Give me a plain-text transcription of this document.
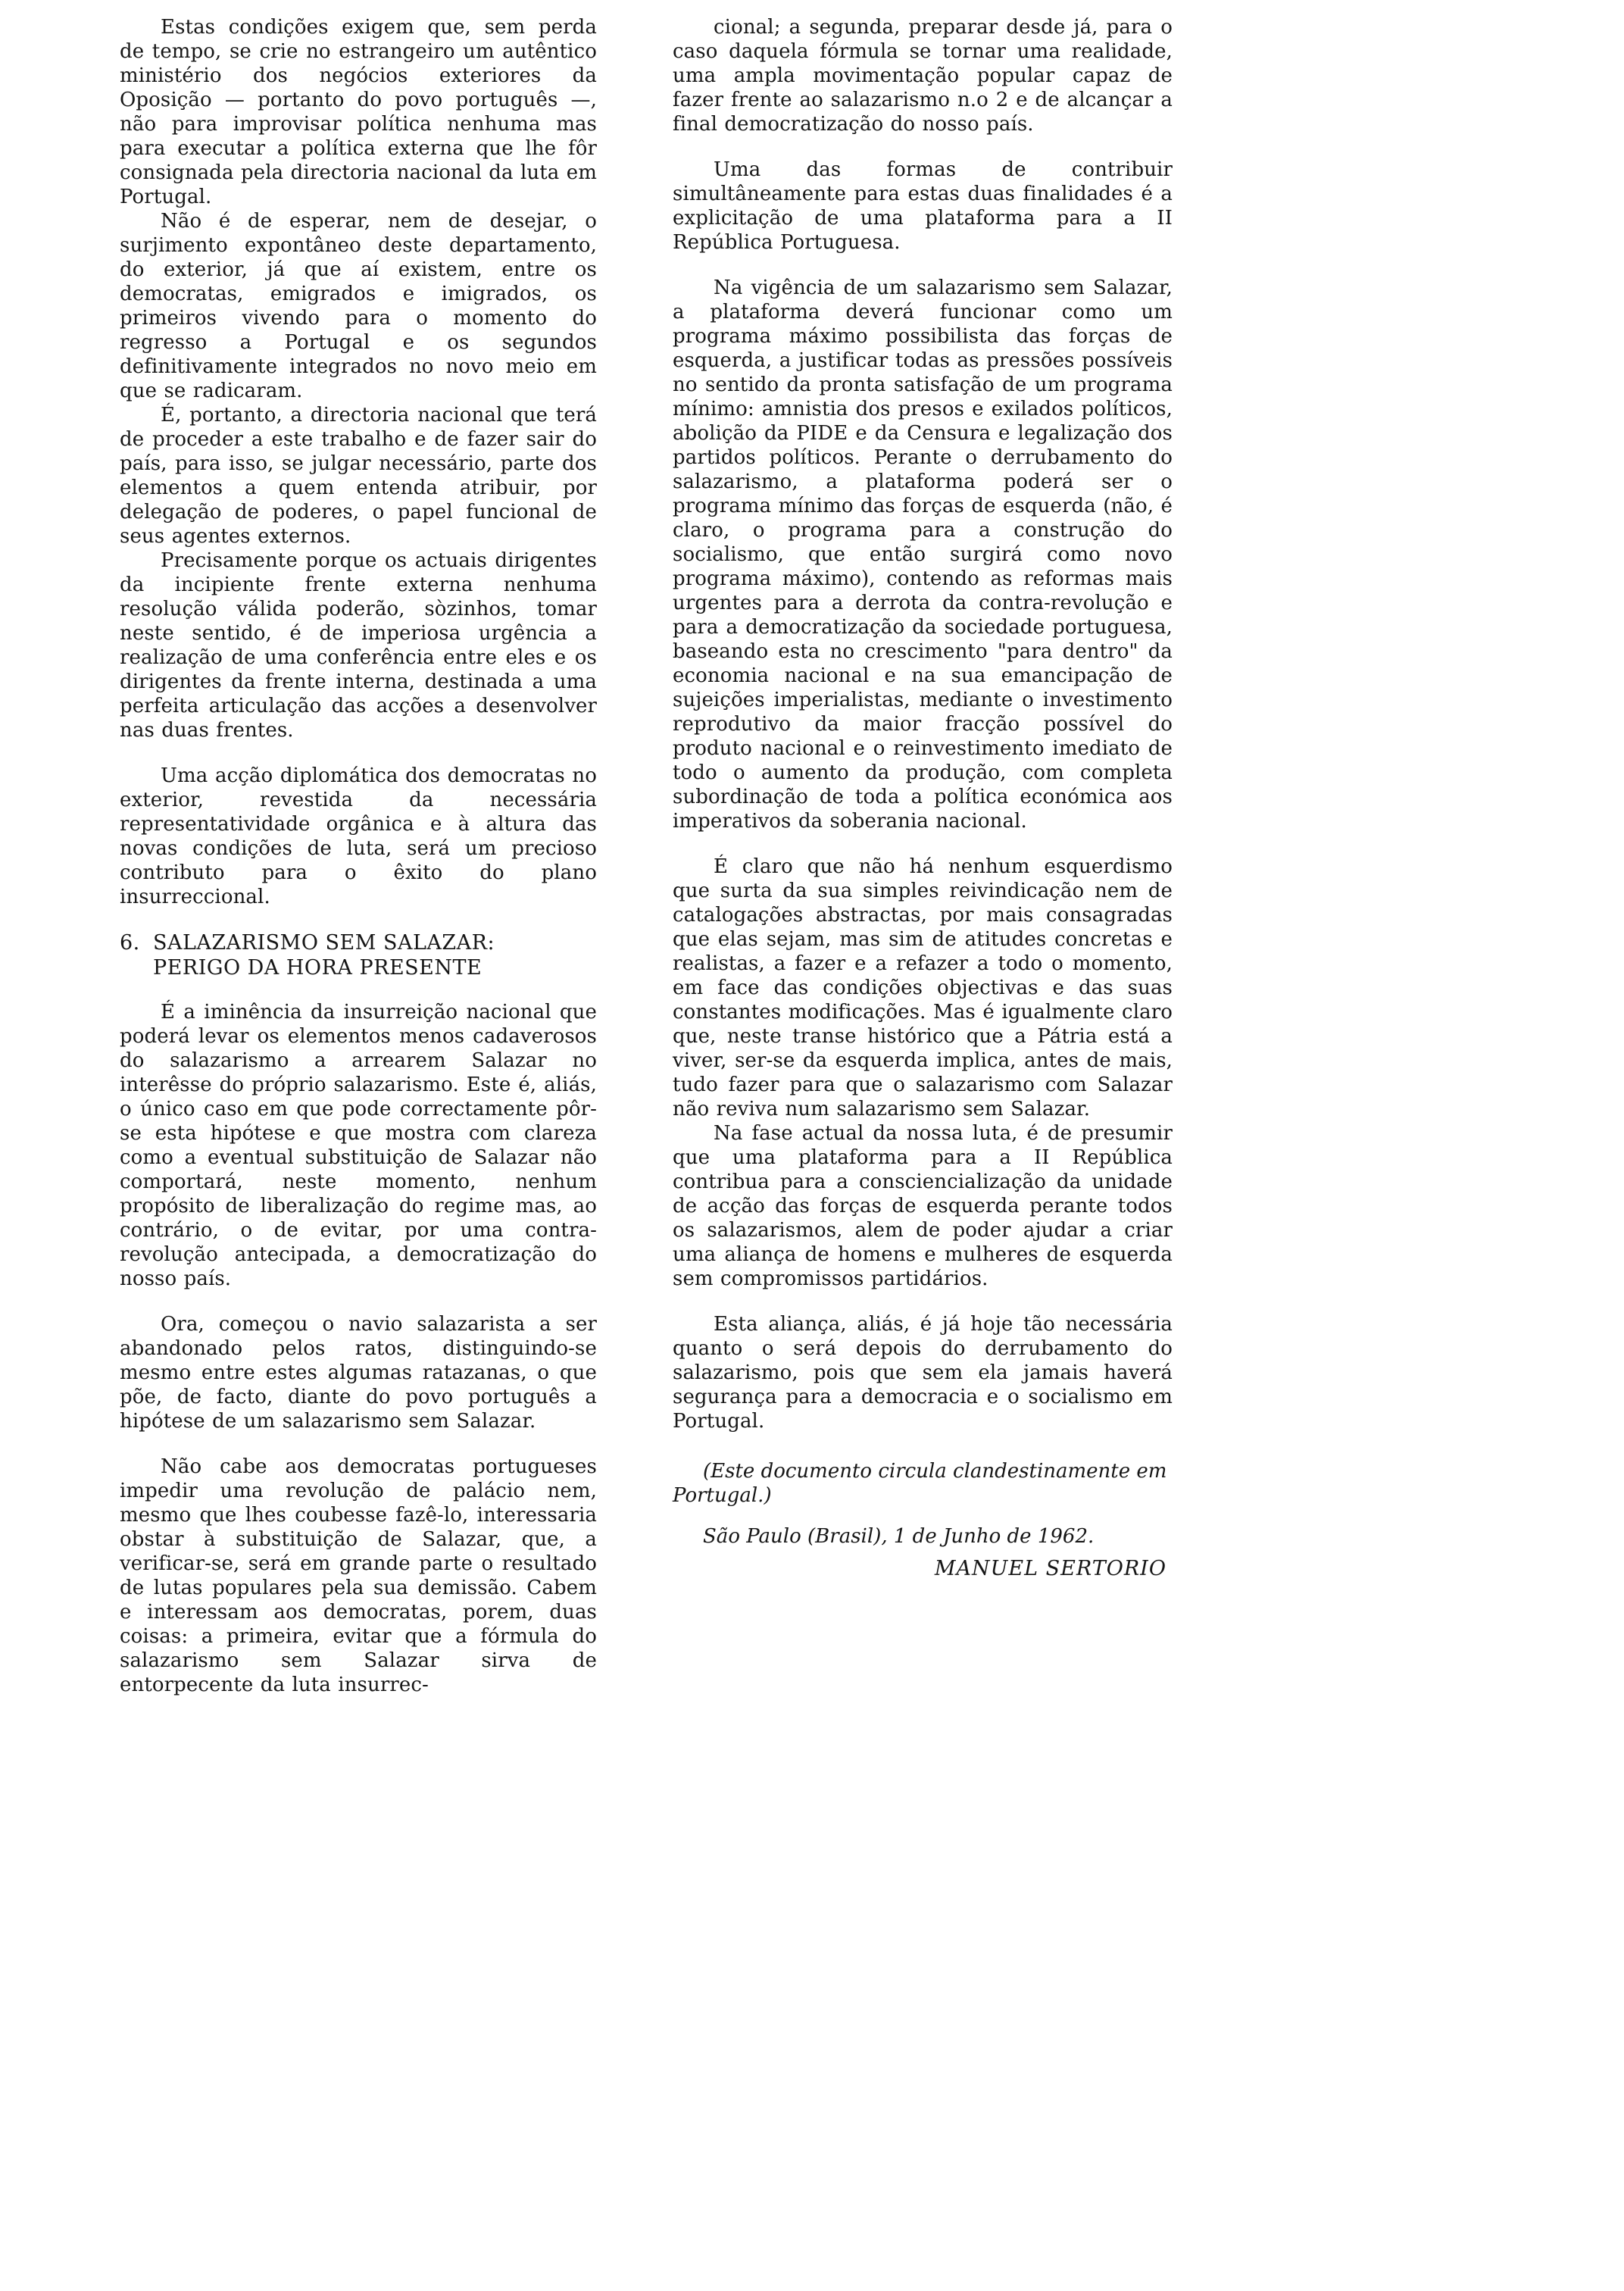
Estas condições exigem que, sem perda de tempo, se crie no estrangeiro um autêntico ministério dos negócios exteriores da Oposição — portanto do povo português —, não para improvisar política nenhuma mas para executar a política externa que lhe fôr consignada pela directoria nacional da luta em Portugal.

Não é de esperar, nem de desejar, o surjimento expontâneo deste departamento, do exterior, já que aí existem, entre os democratas, emigrados e imigrados, os primeiros vivendo para o momento do regresso a Portugal e os segundos definitivamente integrados no novo meio em que se radicaram.

É, portanto, a directoria nacional que terá de proceder a este trabalho e de fazer sair do país, para isso, se julgar necessário, parte dos elementos a quem entenda atribuir, por delegação de poderes, o papel funcional de seus agentes externos.

Precisamente porque os actuais dirigentes da incipiente frente externa nenhuma resolução válida poderão, sòzinhos, tomar neste sentido, é de imperiosa urgência a realização de uma conferência entre eles e os dirigentes da frente interna, destinada a uma perfeita articulação das acções a desenvolver nas duas frentes.

Uma acção diplomática dos democratas no exterior, revestida da necessária representatividade orgânica e à altura das novas condições de luta, será um precioso contributo para o êxito do plano insurreccional.

6. SALAZARISMO SEM SALAZAR:
PERIGO DA HORA PRESENTE

É a iminência da insurreição nacional que poderá levar os elementos menos cadaverosos do salazarismo a arrearem Salazar no interêsse do próprio salazarismo. Este é, aliás, o único caso em que pode correctamente pôr-se esta hipótese e que mostra com clareza como a eventual substituição de Salazar não comportará, neste momento, nenhum propósito de liberalização do regime mas, ao contrário, o de evitar, por uma contra-revolução antecipada, a democratização do nosso país.

Ora, começou o navio salazarista a ser abandonado pelos ratos, distinguindo-se mesmo entre estes algumas ratazanas, o que põe, de facto, diante do povo português a hipótese de um salazarismo sem Salazar.

Não cabe aos democratas portugueses impedir uma revolução de palácio nem, mesmo que lhes coubesse fazê-lo, interessaria obstar à substituição de Salazar, que, a verificar-se, será em grande parte o resultado de lutas populares pela sua demissão. Cabem e interessam aos democratas, porem, duas coisas: a primeira, evitar que a fórmula do salazarismo sem Salazar sirva de entorpecente da luta insurrec-

cional; a segunda, preparar desde já, para o caso daquela fórmula se tornar uma realidade, uma ampla movimentação popular capaz de fazer frente ao salazarismo n.o 2 e de alcançar a final democratização do nosso país.

Uma das formas de contribuir simultâneamente para estas duas finalidades é a explicitação de uma plataforma para a II República Portuguesa.

Na vigência de um salazarismo sem Salazar, a plataforma deverá funcionar como um programa máximo possibilista das forças de esquerda, a justificar todas as pressões possíveis no sentido da pronta satisfação de um programa mínimo: amnistia dos presos e exilados políticos, abolição da PIDE e da Censura e legalização dos partidos políticos. Perante o derrubamento do salazarismo, a plataforma poderá ser o programa mínimo das forças de esquerda (não, é claro, o programa para a construção do socialismo, que então surgirá como novo programa máximo), contendo as reformas mais urgentes para a derrota da contra-revolução e para a democratização da sociedade portuguesa, baseando esta no crescimento "para dentro" da economia nacional e na sua emancipação de sujeições imperialistas, mediante o investimento reprodutivo da maior fracção possível do produto nacional e o reinvestimento imediato de todo o aumento da produção, com completa subordinação de toda a política económica aos imperativos da soberania nacional.

É claro que não há nenhum esquerdismo que surta da sua simples reivindicação nem de catalogações abstractas, por mais consagradas que elas sejam, mas sim de atitudes concretas e realistas, a fazer e a refazer a todo o momento, em face das condições objectivas e das suas constantes modificações. Mas é igualmente claro que, neste transe histórico que a Pátria está a viver, ser-se da esquerda implica, antes de mais, tudo fazer para que o salazarismo com Salazar não reviva num salazarismo sem Salazar.

Na fase actual da nossa luta, é de presumir que uma plataforma para a II República contribua para a consciencialização da unidade de acção das forças de esquerda perante todos os salazarismos, alem de poder ajudar a criar uma aliança de homens e mulheres de esquerda sem compromissos partidários.

Esta aliança, aliás, é já hoje tão necessária quanto o será depois do derrubamento do salazarismo, pois que sem ela jamais haverá segurança para a democracia e o socialismo em Portugal.

(Este documento circula clandestinamente em Portugal.)

São Paulo (Brasil), 1 de Junho de 1962.

MANUEL SERTORIO
